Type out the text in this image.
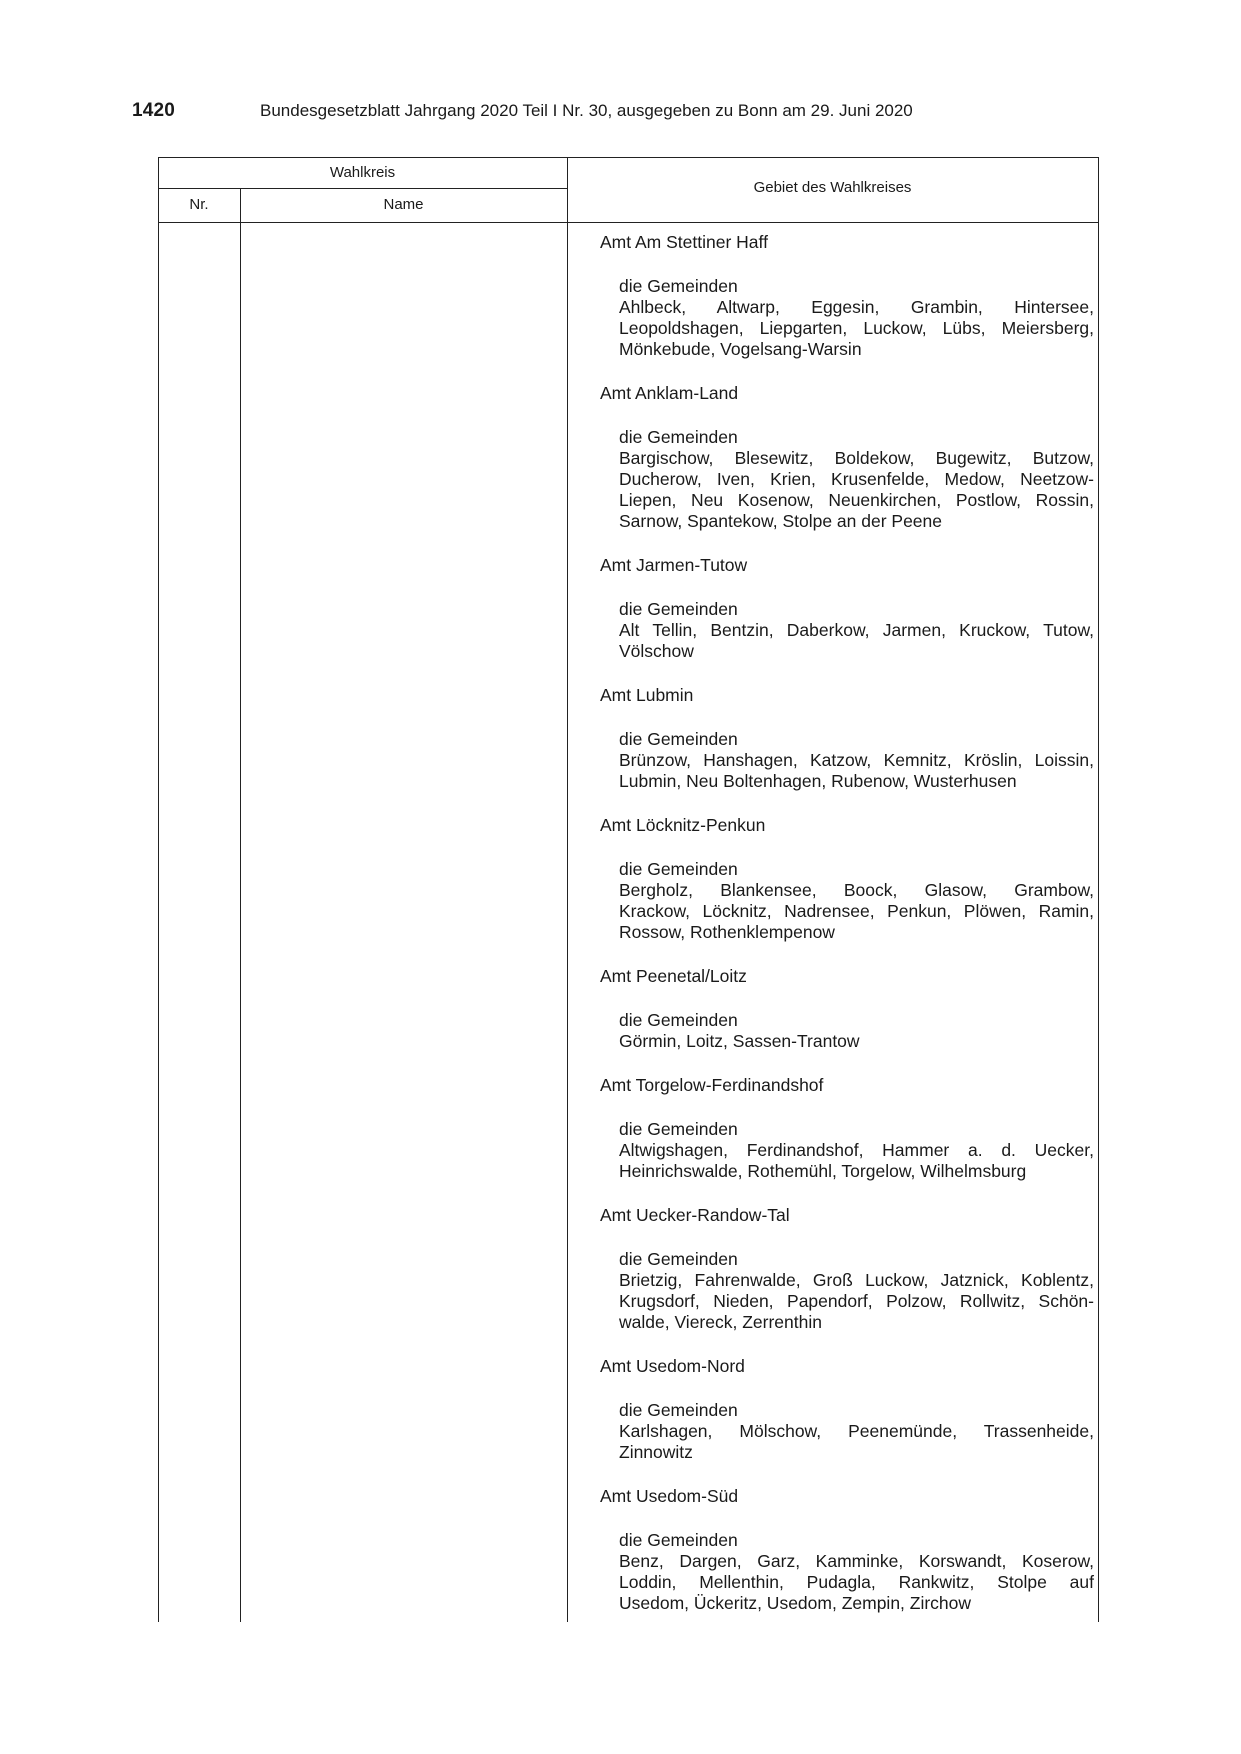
1420	Bundesgesetzblatt Jahrgang 2020 Teil I Nr. 30, ausgegeben zu Bonn am 29. Juni 2020
Wahlkreis
Nr.	Name
Gebiet des Wahlkreises
Amt Am Stettiner Haff
die Gemeinden
Ahlbeck, Altwarp, Eggesin, Grambin, Hintersee,
Leopoldshagen, Liepgarten, Luckow, Lübs, Meiersberg,
Mönkebude, Vogelsang-Warsin
Amt Anklam-Land
die Gemeinden
Bargischow, Blesewitz, Boldekow, Bugewitz, Butzow,
Ducherow, Iven, Krien, Krusenfelde, Medow, Neetzow-
Liepen, Neu Kosenow, Neuenkirchen, Postlow, Rossin,
Sarnow, Spantekow, Stolpe an der Peene
Amt Jarmen-Tutow
die Gemeinden
Alt Tellin, Bentzin, Daberkow, Jarmen, Kruckow, Tutow,
Völschow
Amt Lubmin
die Gemeinden
Brünzow, Hanshagen, Katzow, Kemnitz, Kröslin, Loissin,
Lubmin, Neu Boltenhagen, Rubenow, Wusterhusen
Amt Löcknitz-Penkun
die Gemeinden
Bergholz, Blankensee, Boock, Glasow, Grambow,
Krackow, Löcknitz, Nadrensee, Penkun, Plöwen, Ramin,
Rossow, Rothenklempenow
Amt Peenetal/Loitz
die Gemeinden
Görmin, Loitz, Sassen-Trantow
Amt Torgelow-Ferdinandshof
die Gemeinden
Altwigshagen, Ferdinandshof, Hammer a. d. Uecker,
Heinrichswalde, Rothemühl, Torgelow, Wilhelmsburg
Amt Uecker-Randow-Tal
die Gemeinden
Brietzig, Fahrenwalde, Groß Luckow, Jatznick, Koblentz,
Krugsdorf, Nieden, Papendorf, Polzow, Rollwitz, Schön-
walde, Viereck, Zerrenthin
Amt Usedom-Nord
die Gemeinden
Karlshagen, Mölschow, Peenemünde, Trassenheide,
Zinnowitz
Amt Usedom-Süd
die Gemeinden
Benz, Dargen, Garz, Kamminke, Korswandt, Koserow,
Loddin, Mellenthin, Pudagla, Rankwitz, Stolpe auf
Usedom, Ückeritz, Usedom, Zempin, Zirchow
